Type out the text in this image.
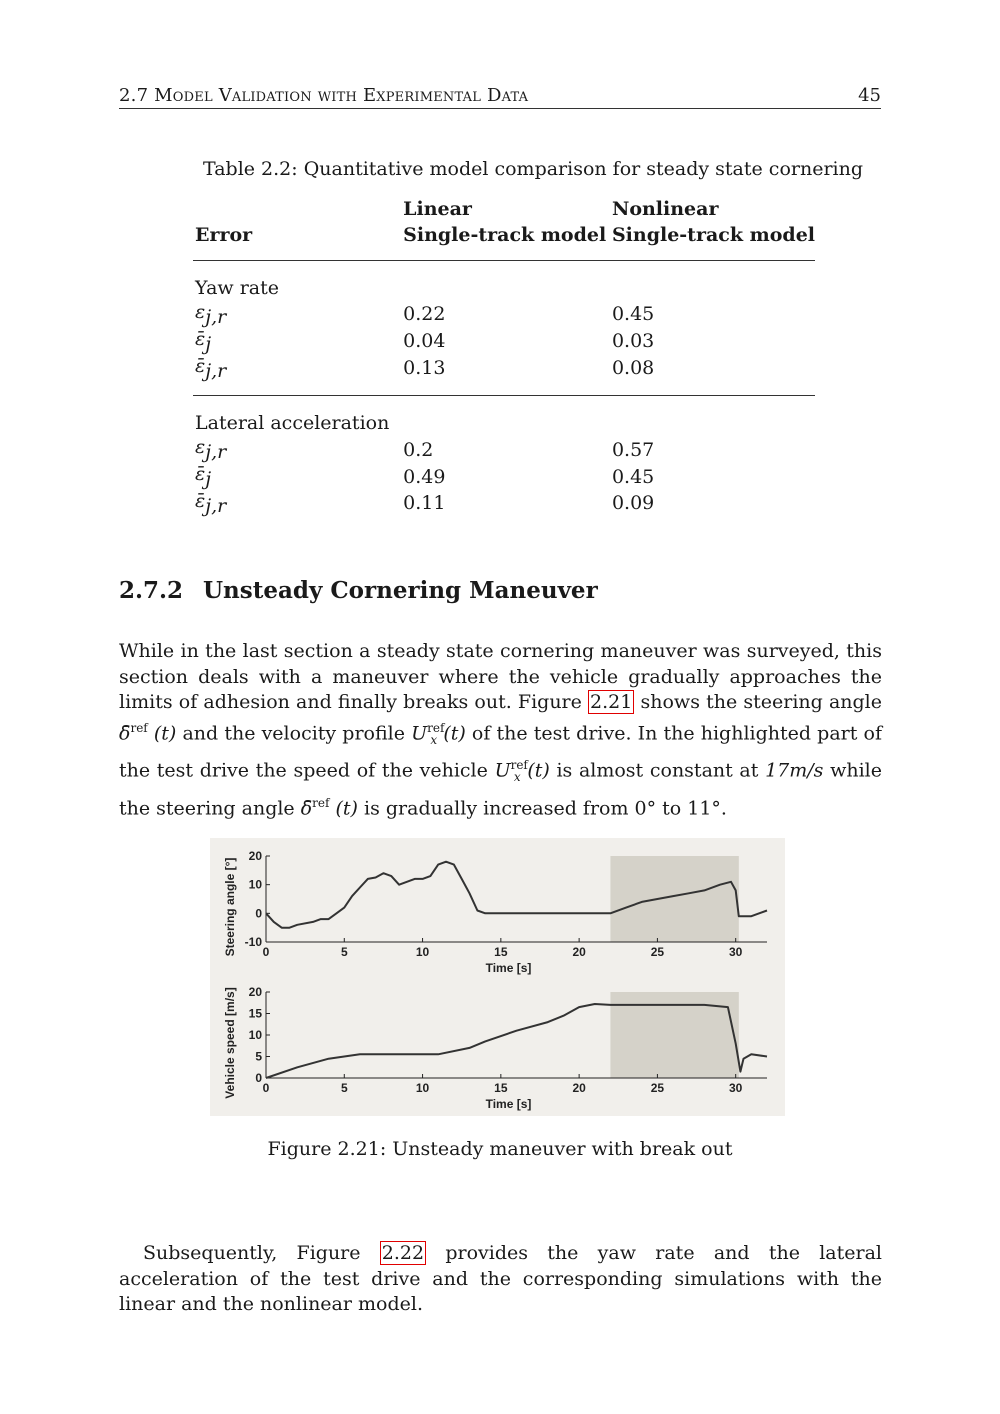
2.7 Model Validation with Experimental Data	45
Table 2.2: Quantitative model comparison for steady state cornering
	Linear	Nonlinear
Error	Single-track model	Single-track model

Yaw rate		
$\varepsilon_{j,r}$	0.22	0.45
$\varepsilon̄_j$	0.04	0.03
$\varepsilon̄_{j,r}$	0.13	0.08

Lateral acceleration		
$\varepsilon_{j,r}$	0.2	0.57
$\varepsilon̄_j$	0.49	0.45
$\varepsilon̄_{j,r}$	0.11	0.09
2.7.2 Unsteady Cornering Maneuver
While in the last section a steady state cornering maneuver was surveyed, this section deals with a maneuver where the vehicle gradually approaches the limits of adhesion and finally breaks out. Figure 2.21 shows the steering angle δ̄$^{ref}$ (t) and the velocity profile $U^{ref}_x$ (t) of the test drive. In the highlighted part of the test drive the speed of the vehicle $U^{ref}_x$ (t) is almost constant at 17m/s while the steering angle δ̄$^{ref}$ (t) is gradually increased from 0° to 11°.
0	5	10	15	20	25	30
-10
0
10
20
Time [s]
Steering angle [°]
0	5	10	15	20	25	30
0
5
10
15
20
Time [s]
Vehicle speed [m/s]
Figure 2.21: Unsteady maneuver with break out
Subsequently, Figure 2.22 provides the yaw rate and the lateral acceleration of the test drive and the corresponding simulations with the linear and the nonlinear model.
